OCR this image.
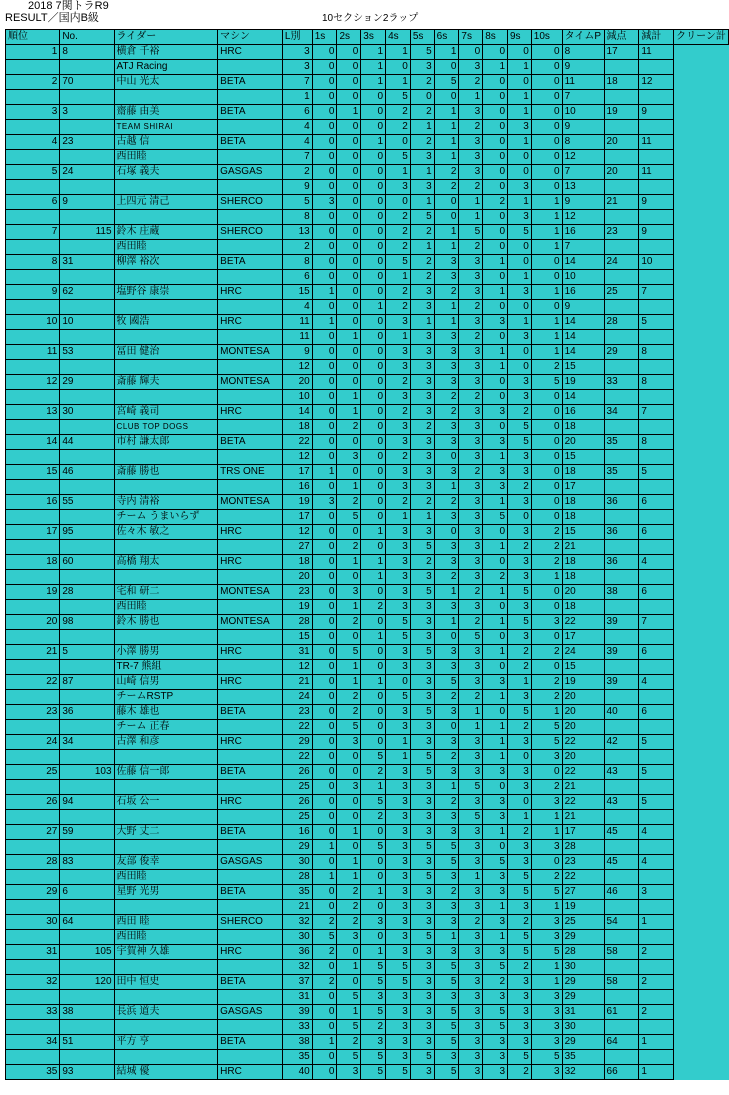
2018 7関トラR9
RESULT／国内B級	10セクション2ラップ
順位	No.	ライダー	マシン	L別	1s	2s	3s	4s	5s	6s	7s	8s	9s	10s	タイムP	減点	減計	クリーン計
1	8	横倉 千裕	HRC	3	0	0	1	1	5	1	0	0	0	0	8	17	11	
		ATJ Racing		3	0	0	1	0	3	0	3	1	1	0	9			
2	70	中山 光太	BETA	7	0	0	1	1	2	5	2	0	0	0	11	18	12	
				1	0	0	0	5	0	0	1	0	1	0	7			
3	3	齋藤 由美	BETA	6	0	1	0	2	2	1	3	0	1	0	10	19	9	
		TEAM SHIRAI		4	0	0	0	2	1	1	2	0	3	0	9			
4	23	古越 信	BETA	4	0	0	1	0	2	1	3	0	1	0	8	20	11	
		西田睦		7	0	0	0	5	3	1	3	0	0	0	12			
5	24	石塚 義夫	GASGAS	2	0	0	0	1	1	2	3	0	0	0	7	20	11	
				9	0	0	0	3	3	2	2	0	3	0	13			
6	9	上四元 清己	SHERCO	5	3	0	0	0	1	0	1	2	1	1	9	21	9	
				8	0	0	0	2	5	0	1	0	3	1	12			
7	115	鈴木 庄蔵	SHERCO	13	0	0	0	2	2	1	5	0	5	1	16	23	9	
		西田睦		2	0	0	0	2	1	1	2	0	0	1	7			
8	31	柳澤 裕次	BETA	8	0	0	0	5	2	3	3	1	0	0	14	24	10	
				6	0	0	0	1	2	3	3	0	1	0	10			
9	62	塩野谷 康崇	HRC	15	1	0	0	2	3	2	3	1	3	1	16	25	7	
				4	0	0	1	2	3	1	2	0	0	0	9			
10	10	牧 國浩	HRC	11	1	0	0	3	1	1	3	3	1	1	14	28	5	
				11	0	1	0	1	3	3	2	0	3	1	14			
11	53	冨田 健治	MONTESA	9	0	0	0	3	3	3	3	1	0	1	14	29	8	
				12	0	0	0	3	3	3	3	1	0	2	15			
12	29	斎藤 輝夫	MONTESA	20	0	0	0	2	3	3	3	0	3	5	19	33	8	
				10	0	1	0	3	3	2	2	0	3	0	14			
13	30	宮崎 義司	HRC	14	0	1	0	2	3	2	3	3	2	0	16	34	7	
		CLUB TOP DOGS		18	0	2	0	3	2	3	3	0	5	0	18			
14	44	市村 謙太郎	BETA	22	0	0	0	3	3	3	3	3	5	0	20	35	8	
				12	0	3	0	2	3	0	3	1	3	0	15			
15	46	斎藤 勝也	TRS ONE	17	1	0	0	3	3	3	2	3	3	0	18	35	5	
				16	0	1	0	3	3	1	3	3	2	0	17			
16	55	寺内 清裕	MONTESA	19	3	2	0	2	2	2	3	1	3	0	18	36	6	
		チーム うまいらず		17	0	5	0	1	1	3	3	5	0	0	18			
17	95	佐々木 敏之	HRC	12	0	0	1	3	3	0	3	0	3	2	15	36	6	
				27	0	2	0	3	5	3	3	1	2	2	21			
18	60	高橋 翔太	HRC	18	0	1	1	3	2	3	3	0	3	2	18	36	4	
				20	0	0	1	3	3	2	3	2	3	1	18			
19	28	宅和 研二	MONTESA	23	0	3	0	3	5	1	2	1	5	0	20	38	6	
		西田睦		19	0	1	2	3	3	3	3	0	3	0	18			
20	98	鈴木 勝也	MONTESA	28	0	2	0	5	3	1	2	1	5	3	22	39	7	
				15	0	0	1	5	3	0	5	0	3	0	17			
21	5	小澤 勝男	HRC	31	0	5	0	3	5	3	3	1	2	2	24	39	6	
		TR-7 熊組		12	0	1	0	3	3	3	3	0	2	0	15			
22	87	山崎 信男	HRC	21	0	1	1	0	3	5	3	3	1	2	19	39	4	
		チームRSTP		24	0	2	0	5	3	2	2	1	3	2	20			
23	36	藤木 雄也	BETA	23	0	2	0	3	5	3	1	0	5	1	20	40	6	
		チーム 正春		22	0	5	0	3	3	0	1	1	2	5	20			
24	34	古澤 和彦	HRC	29	0	3	0	1	3	3	3	1	3	5	22	42	5	
				22	0	0	5	1	5	2	3	1	0	3	20			
25	103	佐藤 信一郎	BETA	26	0	0	2	3	5	3	3	3	3	0	22	43	5	
				25	0	3	1	3	3	1	5	0	3	2	21			
26	94	石坂 公一	HRC	26	0	0	5	3	3	2	3	3	0	3	22	43	5	
				25	0	0	2	3	3	3	5	3	1	1	21			
27	59	大野 丈二	BETA	16	0	1	0	3	3	3	3	1	2	1	17	45	4	
				29	1	0	5	3	5	5	3	0	3	3	28			
28	83	友部 俊幸	GASGAS	30	0	1	0	3	3	5	3	5	3	0	23	45	4	
		西田睦		28	1	1	0	3	5	3	1	3	5	2	22			
29	6	星野 光男	BETA	35	0	2	1	3	3	2	3	3	5	5	27	46	3	
				21	0	2	0	3	3	3	3	1	3	1	19			
30	64	西田 睦	SHERCO	32	2	2	3	3	3	3	2	3	2	3	25	54	1	
		西田睦		30	5	3	0	3	5	1	3	1	5	3	29			
31	105	宇賀神 久雄	HRC	36	2	0	1	3	3	3	3	3	5	5	28	58	2	
				32	0	1	5	5	3	5	3	5	2	1	30			
32	120	田中 恒史	BETA	37	2	0	5	5	3	5	3	2	3	1	29	58	2	
				31	0	5	3	3	3	3	3	3	3	3	29			
33	38	長浜 道夫	GASGAS	39	0	1	5	3	3	5	3	5	3	3	31	61	2	
				33	0	5	2	3	3	5	3	5	3	3	30			
34	51	平方 亨	BETA	38	1	2	3	3	3	5	3	3	3	3	29	64	1	
				35	0	5	5	3	5	3	3	3	5	5	35			
35	93	結城 優	HRC	40	0	3	5	5	3	5	3	3	2	3	32	66	1	
